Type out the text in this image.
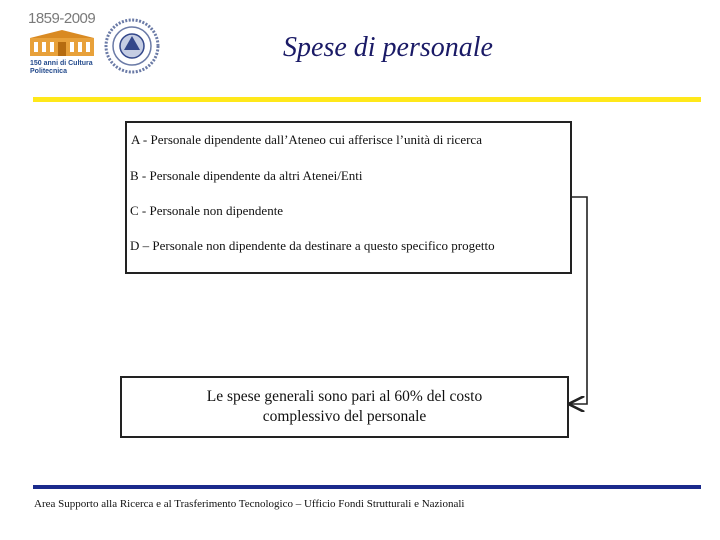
1859-2009
150 anni di Cultura Politecnica
Spese di personale
A - Personale dipendente dall’Ateneo cui afferisce l’unità di ricerca
B - Personale dipendente da altri Atenei/Enti
C - Personale non dipendente
D – Personale non dipendente da destinare a questo specifico progetto
Le spese generali sono pari al 60% del costo
complessivo del personale
Area Supporto alla Ricerca e al Trasferimento Tecnologico – Ufficio Fondi Strutturali e Nazionali
